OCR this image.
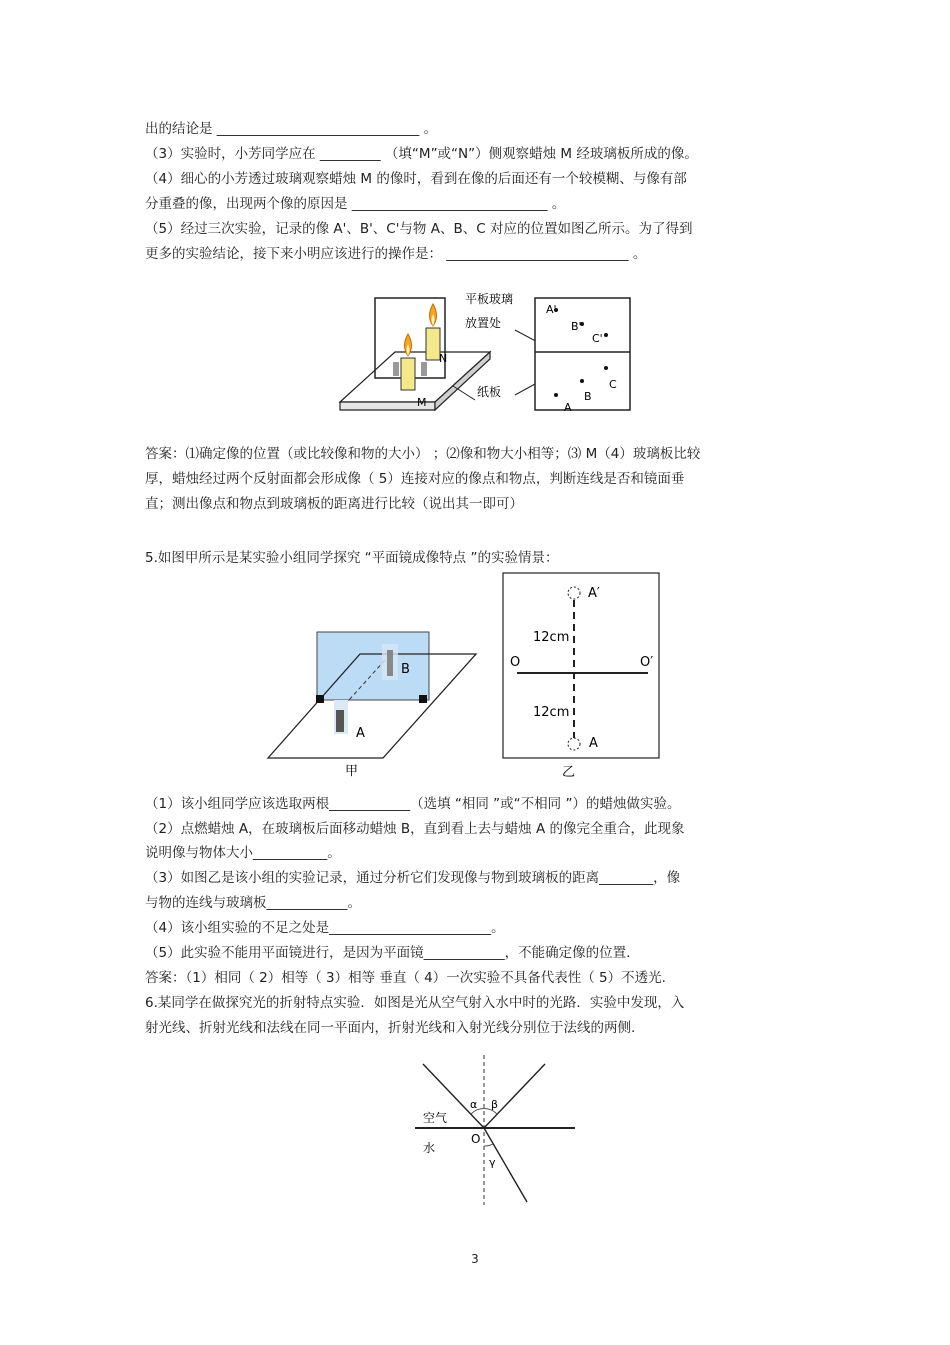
出的结论是 ______________________________ 。
（3）实验时，小芳同学应在 _________ （填“M”或“N”）侧观察蜡烛 M 经玻璃板所成的像。
（4）细心的小芳透过玻璃观察蜡烛 M 的像时，看到在像的后面还有一个较模糊、与像有部
分重叠的像，出现两个像的原因是 _____________________________ 。
（5）经过三次实验，记录的像 A'、B'、C'与物 A、B、C 对应的位置如图乙所示。为了得到
更多的实验结论，接下来小明应该进行的操作是： ___________________________ 。
N
M
纸板
平板玻璃
放置处
A'
B'
C'
C
B
A
答案：⑴确定像的位置（或比较像和物的大小） ；⑵像和物大小相等；⑶ M（4）玻璃板比较
厚，蜡烛经过两个反射面都会形成像（ 5）连接对应的像点和物点，判断连线是否和镜面垂
直；测出像点和物点到玻璃板的距离进行比较（说出其一即可）
5.如图甲所示是某实验小组同学探究 “平面镜成像特点 ”的实验情景：
B
A
甲
A′
12cm
O	O′
12cm
A
乙
（1）该小组同学应该选取两根____________（选填 “相同 ”或“不相同 ”）的蜡烛做实验。
（2）点燃蜡烛 A，在玻璃板后面移动蜡烛 B，直到看上去与蜡烛 A 的像完全重合，此现象
说明像与物体大小___________。
（3）如图乙是该小组的实验记录，通过分析它们发现像与物到玻璃板的距离________，像
与物的连线与玻璃板____________。
（4）该小组实验的不足之处是________________________。
（5）此实验不能用平面镜进行，是因为平面镜____________，不能确定像的位置.
答案：（1）相同（ 2）相等（ 3）相等 垂直（ 4）一次实验不具备代表性（ 5）不透光.
6.某同学在做探究光的折射特点实验．如图是光从空气射入水中时的光路．实验中发现，入
射光线、折射光线和法线在同一平面内，折射光线和入射光线分别位于法线的两侧.
空气
水
O
α β
γ
3
